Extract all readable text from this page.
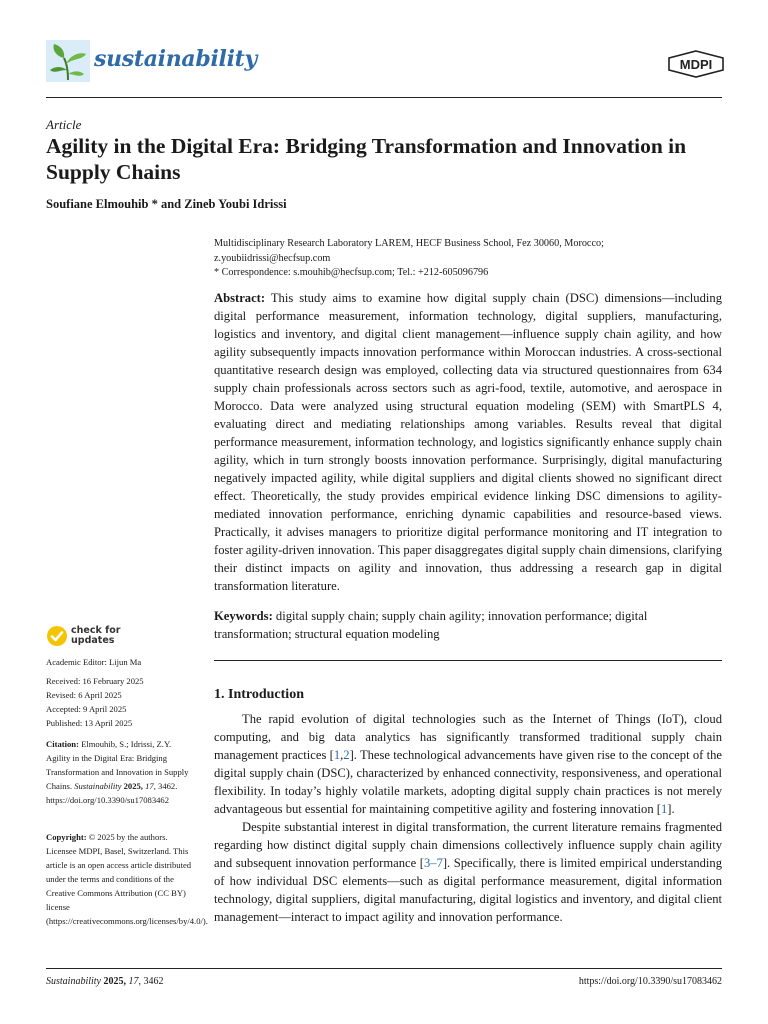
sustainability	MDPI
Article
Agility in the Digital Era: Bridging Transformation and Innovation in Supply Chains
Soufiane Elmouhib * and Zineb Youbi Idrissi
Multidisciplinary Research Laboratory LAREM, HECF Business School, Fez 30060, Morocco;
z.youbiidrissi@hecfsup.com
* Correspondence: s.mouhib@hecfsup.com; Tel.: +212-605096796
Abstract: This study aims to examine how digital supply chain (DSC) dimensions—including digital performance measurement, information technology, digital suppliers, manufacturing, logistics and inventory, and digital client management—influence supply chain agility, and how agility subsequently impacts innovation performance within Moroccan industries. A cross-sectional quantitative research design was employed, collecting data via structured questionnaires from 634 supply chain professionals across sectors such as agri-food, textile, automotive, and aerospace in Morocco. Data were analyzed using structural equation modeling (SEM) with SmartPLS 4, evaluating direct and mediating relationships among variables. Results reveal that digital performance measurement, information technology, and logistics significantly enhance supply chain agility, which in turn strongly boosts innovation performance. Surprisingly, digital manufacturing negatively impacted agility, while digital suppliers and digital clients showed no significant direct effect. Theoretically, the study provides empirical evidence linking DSC dimensions to agility-mediated innovation performance, enriching dynamic capabilities and resource-based views. Practically, it advises managers to prioritize digital performance monitoring and IT integration to foster agility-driven innovation. This paper disaggregates digital supply chain dimensions, clarifying their distinct impacts on agility and innovation, thus addressing a research gap in digital transformation literature.
Keywords: digital supply chain; supply chain agility; innovation performance; digital transformation; structural equation modeling
check for
updates
Academic Editor: Lijun Ma
Received: 16 February 2025
Revised: 6 April 2025
Accepted: 9 April 2025
Published: 13 April 2025
Citation: Elmouhib, S.; Idrissi, Z.Y. Agility in the Digital Era: Bridging Transformation and Innovation in Supply Chains. Sustainability 2025, 17, 3462. https://doi.org/10.3390/su17083462
Copyright: © 2025 by the authors. Licensee MDPI, Basel, Switzerland. This article is an open access article distributed under the terms and conditions of the Creative Commons Attribution (CC BY) license (https://creativecommons.org/licenses/by/4.0/).
1. Introduction

The rapid evolution of digital technologies such as the Internet of Things (IoT), cloud computing, and big data analytics has significantly transformed traditional supply chain management practices [1,2]. These technological advancements have given rise to the concept of the digital supply chain (DSC), characterized by enhanced connectivity, responsiveness, and operational flexibility. In today’s highly volatile markets, adopting digital supply chain practices is not merely advantageous but essential for maintaining competitive agility and fostering innovation [1].

Despite substantial interest in digital transformation, the current literature remains fragmented regarding how distinct digital supply chain dimensions collectively influence supply chain agility and subsequent innovation performance [3–7]. Specifically, there is limited empirical understanding of how individual DSC elements—such as digital performance measurement, digital information technology, digital suppliers, digital manufacturing, digital logistics and inventory, and digital client management—interact to impact agility and innovation performance.

Sustainability 2025, 17, 3462	https://doi.org/10.3390/su17083462
